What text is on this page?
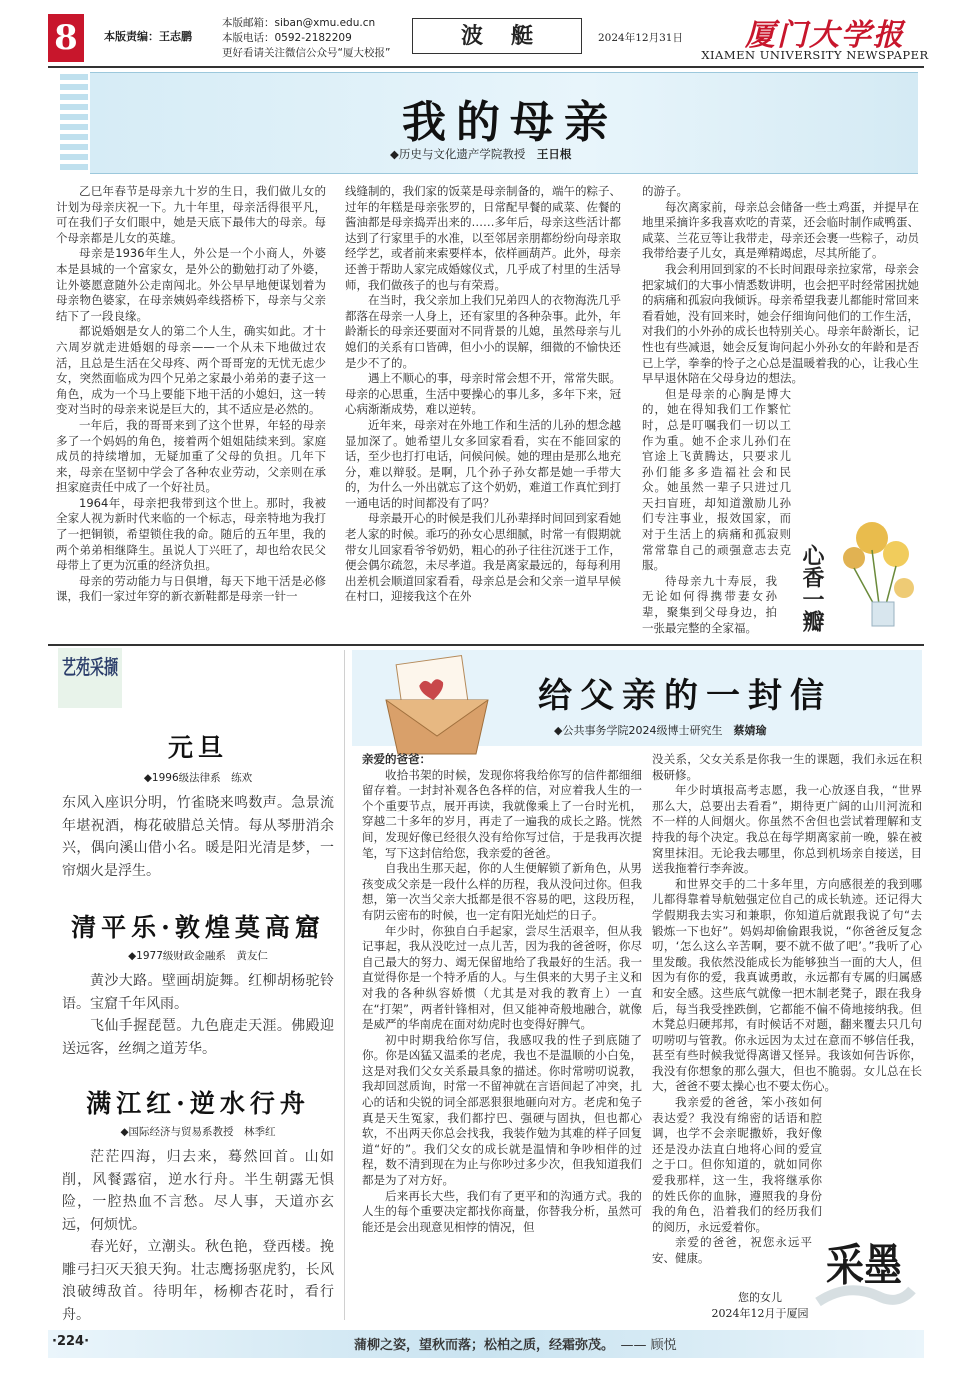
8	本版责编：王志鹏
本版邮箱：siban@xmu.edu.cn
本版电话：0592-2182209
更好看请关注微信公众号“厦大校报”
波艇	2024年12月31日	厦门大学报
XIAMEN UNIVERSITY NEWSPAPER
我的母亲
◆历史与文化遗产学院教授　 王日根

乙巳年春节是母亲九十岁的生日，我们做儿女的计划为母亲庆祝一下。九十年里，母亲活得很平凡，可在我们子女们眼中，她是天底下最伟大的母亲。每个母亲都是儿女的英雄。

母亲是1936年生人，外公是一个小商人，外婆本是县城的一个富家女，是外公的勤勉打动了外婆，让外婆愿意随外公走南闯北。外公早早地便谋划着为母亲物色婆家，在母亲姨妈牵线搭桥下，母亲与父亲结下了一段良缘。

都说婚姻是女人的第二个人生，确实如此。才十六周岁就走进婚姻的母亲——一个从未下地做过农活，且总是生活在父母疼、两个哥哥宠的无忧无虑少女，突然面临成为四个兄弟之家最小弟弟的妻子这一角色，成为一个马上要能下地干活的小媳妇，这一转变对当时的母亲来说是巨大的，其不适应是必然的。

一年后，我的哥哥来到了这个世界，年轻的母亲多了一个妈妈的角色，接着两个姐姐陆续来到。家庭成员的持续增加，无疑加重了父母的负担。几年下来，母亲在坚韧中学会了各种农业劳动，父亲则在承担家庭责任中成了一个好社员。

1964年，母亲把我带到这个世上。那时，我被全家人视为新时代来临的一个标志，母亲特地为我打了一把铜锁，希望锁住我的命。随后的五年里，我的两个弟弟相继降生。虽说人丁兴旺了，却也给农民父母带上了更为沉重的经济负担。

母亲的劳动能力与日俱增，每天下地干活是必修课，我们一家过年穿的新衣新鞋都是母亲一针一

线缝制的，我们家的饭菜是母亲制备的，端午的粽子、过年的年糕是母亲张罗的，日常配早餐的咸菜、佐餐的酱油都是母亲捣弄出来的……多年后，母亲这些活计都达到了行家里手的水准，以至邻居亲朋都纷纷向母亲取经学艺，或者前来索要样本，依样画葫芦。此外，母亲还善于帮助人家完成婚嫁仪式，几乎成了村里的生活导师，我们做孩子的也与有荣焉。

在当时，我父亲加上我们兄弟四人的衣物海洗几乎都落在母亲一人身上，还有家里的各种杂事。此外，年龄渐长的母亲还要面对不同背景的儿媳，虽然母亲与儿媳们的关系有口皆碑，但小小的误解，细微的不愉快还是少不了的。

遇上不顺心的事，母亲时常会想不开，常常失眠。母亲的心思重，生活中要操心的事儿多，多年下来，冠心病渐渐成势，难以逆转。

近年来，母亲对在外地工作和生活的儿孙的想念越显加深了。她希望儿女多回家看看，实在不能回家的话，至少也打打电话，问候问候。她的理由是那么地充分，难以辩驳。是啊，几个孙子孙女都是她一手带大的，为什么一外出就忘了这个奶奶，难道工作真忙到打一通电话的时间都没有了吗？

母亲最开心的时候是我们儿孙辈择时间回到家看她老人家的时候。乖巧的孙女心思细腻，时常一有假期就带女儿回家看爷爷奶奶，粗心的孙子往往沉迷于工作，便会偶尔疏忽，未尽孝道。我是离家最远的，每每利用出差机会顺道回家看看，母亲总是会和父亲一道早早候在村口，迎接我这个在外

的游子。

每次离家前，母亲总会储备一些土鸡蛋，并提早在地里采摘许多我喜欢吃的青菜，还会临时制作咸鸭蛋、咸菜、兰花豆等让我带走，母亲还会裹一些粽子，动员我带给妻子儿女，真是殚精竭虑，尽其所能了。

我会利用回到家的不长时间跟母亲拉家常，母亲会把家城们的大事小情悉数讲明，也会把平时经常困扰她的病痛和孤寂向我倾诉。母亲希望我妻儿都能时常回来看看她，没有回来时，她会仔细询问他们的工作生活，对我们的小外孙的成长也特别关心。母亲年龄渐长，记性也有些减退，她会反复询问起小外孙女的年龄和是否已上学，拳拳的怜子之心总是温暖着我的心，让我心生早早退休陪在父母身边的想法。

但是母亲的心胸是博大的，她在得知我们工作繁忙时，总是叮嘱我们一切以工作为重。她不企求儿孙们在官途上飞黄腾达，只要求儿孙们能多多造福社会和民众。她虽然一辈子只进过几天扫盲班，却知道激励儿孙们专注事业，报效国家，而对于生活上的病痛和孤寂则常常靠自己的顽强意志去克服。

待母亲九十寿辰，我无论如何得携带妻女孙辈，聚集到父母身边，拍一张最完整的全家福。	心香一瓣
艺苑采撷
元旦
◆1996级法律系　练欢

东风入座识分明，竹雀晓来鸣数声。急景流年堪祝酒，梅花破腊总关情。每从琴册消余兴，偶向溪山借小名。暖是阳光清是梦，一帘烟火是浮生。

清平乐·敦煌莫高窟
◆1977级财政金融系　黄友仁

黄沙大路。壁画胡旋舞。红柳胡杨驼铃语。宝窟千年风雨。

飞仙手握琵琶。九色鹿走天涯。佛殿迎送远客，丝绸之道芳华。

满江红·逆水行舟
◆国际经济与贸易系教授　林季红

茫茫四海，归去来，蓦然回首。山如削，风餐露宿，逆水行舟。半生朝露无惧险，一腔热血不言愁。尽人事，天道亦玄远，何烦忧。

春光好，立潮头。秋色艳，登西楼。挽雕弓扫灭天狼天狗。壮志鹰扬驱虎豹，长风浪破缚敌首。待明年，杨柳杏花时，看行舟。

给父亲的一封信
◆公共事务学院2024级博士研究生　 蔡婧瑜

亲爱的爸爸：

收拾书架的时候，发现你将我给你写的信件都细细留存着。一封封补观各色各样的信，对应着我人生的一个个重要节点，展开再读，我就像乘上了一台时光机，穿越二十多年的岁月，再走了一遍我的成长之路。恍然间，发现好像已经很久没有给你写过信，于是我再次提笔，写下这封信给您，我亲爱的爸爸。

自我出生那天起，你的人生便解锁了新角色，从男孩变成父亲是一段什么样的历程，我从没问过你。但我想，第一次当父亲大抵都是很不容易的吧，这段历程，有阴云密布的时候，也一定有阳光灿烂的日子。

年少时，你独自白手起家，尝尽生活艰辛，但从我记事起，我从没吃过一点儿苦，因为我的爸爸呀，你尽自己最大的努力、竭无保留地给了我最好的生活。我一直觉得你是一个特矛盾的人。与生俱来的大男子主义和对我的各种纵容娇惯（尤其是对我的教育上）一直在“打架”，两者针锋相对，但又能神奇般地融合，就像是威严的华南虎在面对幼虎时也变得好脾气。

初中时期我给你写信，我感叹我的性子到底随了你。你是凶猛又温柔的老虎，我也不是温顺的小白兔，这是对我们父女关系最具象的描述。你时常唠叨说教，我却回怼质询，时常一不留神就在言语间起了冲突，扎心的话和尖锐的词全部恶狠狠地砸向对方。老虎和兔子真是天生冤家，我们都拧巴、强硬与固执，但也都心软，不出两天你总会找我，我装作勉为其难的样子回复道“好的”。我们父女的成长就是温情和争吵相伴的过程，数不清到现在为止与你吵过多少次，但我知道我们都是为了对方好。

后来再长大些，我们有了更平和的沟通方式。我的人生的每个重要决定都找你商量，你替我分析，虽然可能还是会出现意见相悖的情况，但

没关系，父女关系是你我一生的课题，我们永远在积极研修。

年少时填报高考志愿，我一心放逐自我，“世界那么大，总要出去看看”，期待更广阔的山川河流和不一样的人间烟火。你虽然不舍但也尝试着理解和支持我的每个决定。我总在每学期离家前一晚，躲在被窝里抹泪。无论我去哪里，你总到机场亲自接送，目送我拖着行李奔波。

和世界交手的二十多年里，方向感很差的我到哪儿都得靠着导航勉强定位自己的成长轨迹。还记得大学假期我去实习和兼职，你知道后就跟我说了句“去锻炼一下也好”。妈妈却偷偷跟我说，“你爸爸反复念叨，‘怎么这么辛苦啊，要不就不做了吧’。”我听了心里发酸。我依然没能成长为能够独当一面的大人，但因为有你的爱，我真诚勇敢，永远都有专属的归属感和安全感。这些底气就像一把木制老凳子，跟在我身后，每当我受挫跌倒，它都能不偏不倚地接纳我。但木凳总归硬邦邦，有时候话不对题，翻来覆去只几句叨唠叨与管教。你永远因为太过在意而不够信任我，甚至有些时候我觉得离谱又怪异。我该如何告诉你，我没有你想象的那么强大，但也不脆弱。女儿总在长大，爸爸不要太操心也不要太伤心。

我亲爱的爸爸，笨小孩如何表达爱？我没有绵密的话语和腔调，也学不会亲昵撒娇，我好像还是没办法直白地将心间的爱宣之于口。但你知道的，就如同你爱我那样，这一生，我将继承你的姓氏你的血脉，遵照我的身份我的角色，沿着我们的经历我们的阅历，永远爱着你。

亲爱的爸爸，祝您永远平安、健康。

您的女儿
2024年12月于厦园
采墨
·224·	蒲柳之姿，望秋而落；松柏之质，经霜弥茂。　 —— 顾悦
